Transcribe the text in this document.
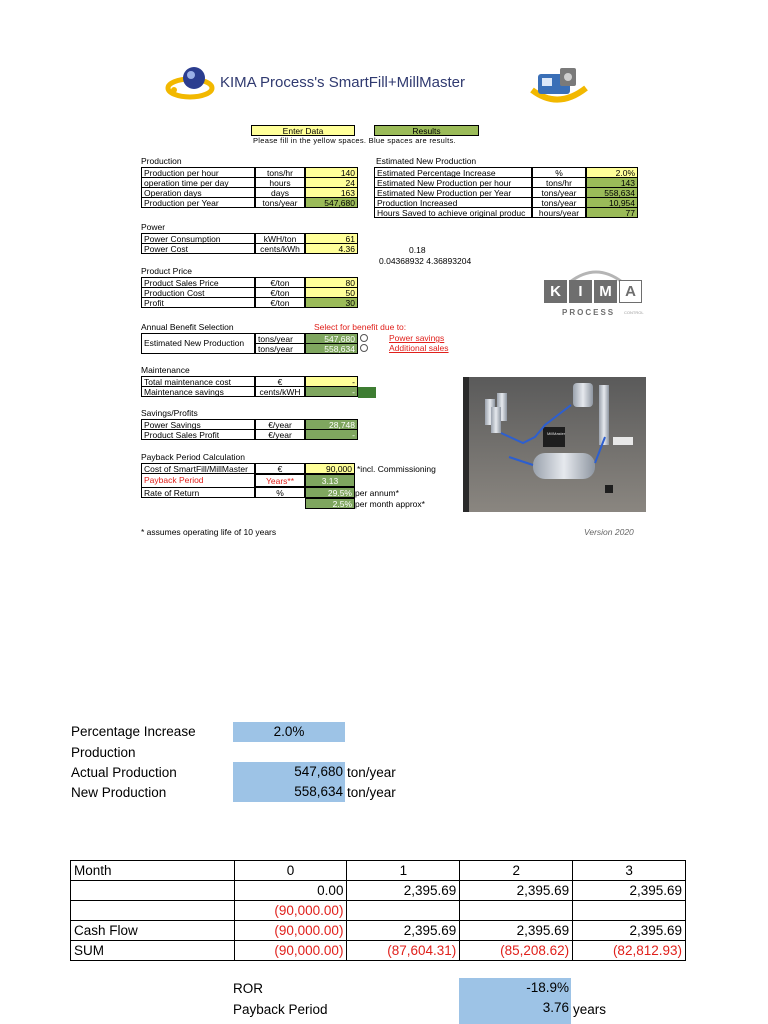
KIMA Process's SmartFill+MillMaster
Enter Data	Results
Please fill in the yellow spaces. Blue spaces are results.
Production
Production per hour	tons/hr	140
operation time per day	hours	24
Operation days	days	163
Production per Year	tons/year	547,680
Estimated New Production
Estimated Percentage Increase	%	2.0%
Estimated New Production per hour	tons/hr	143
Estimated New Production per Year	tons/year	558,634
Production Increased	tons/year	10,954
Hours Saved to achieve original produc	hours/year	77
Power
Power Consumption	kWH/ton	61
Power Cost	cents/kWh	4.36	0.18
0.04368932 4.36893204
Product Price
Product Sales Price	€/ton	80
Production Cost	€/ton	50
Profit	€/ton	30
K	I	M A
PROCESS CONTROL
Annual Benefit Selection	Select for benefit due to:
Estimated New Production	tons/year	547,680
tons/year	558,634
Power savings
Additional sales
Maintenance
Total maintenance cost	€	-
Maintenance savings	cents/kWH	-
MillMaster
Savings/Profits
Power Savings	€/year	28,748
Product Sales Profit	€/year	-
Payback Period Calculation
Cost of SmartFill/MillMaster	€	90,000 *incl. Commissioning
Payback Period	Years**	3.13
Rate of Return	%	29.5% per annum*
2.5% per month approx*
* assumes operating life of 10 years	Version 2020
Percentage Increase	2.0%
Production
Actual Production	547,680 ton/year
New Production	558,634 ton/year
Month	0	1	2	3
	0.00	2,395.69	2,395.69	2,395.69
	(90,000.00)			
Cash Flow	(90,000.00)	2,395.69	2,395.69	2,395.69
SUM	(90,000.00)	(87,604.31)	(85,208.62)	(82,812.93)
ROR	-18.9%
Payback Period	3.76 years
